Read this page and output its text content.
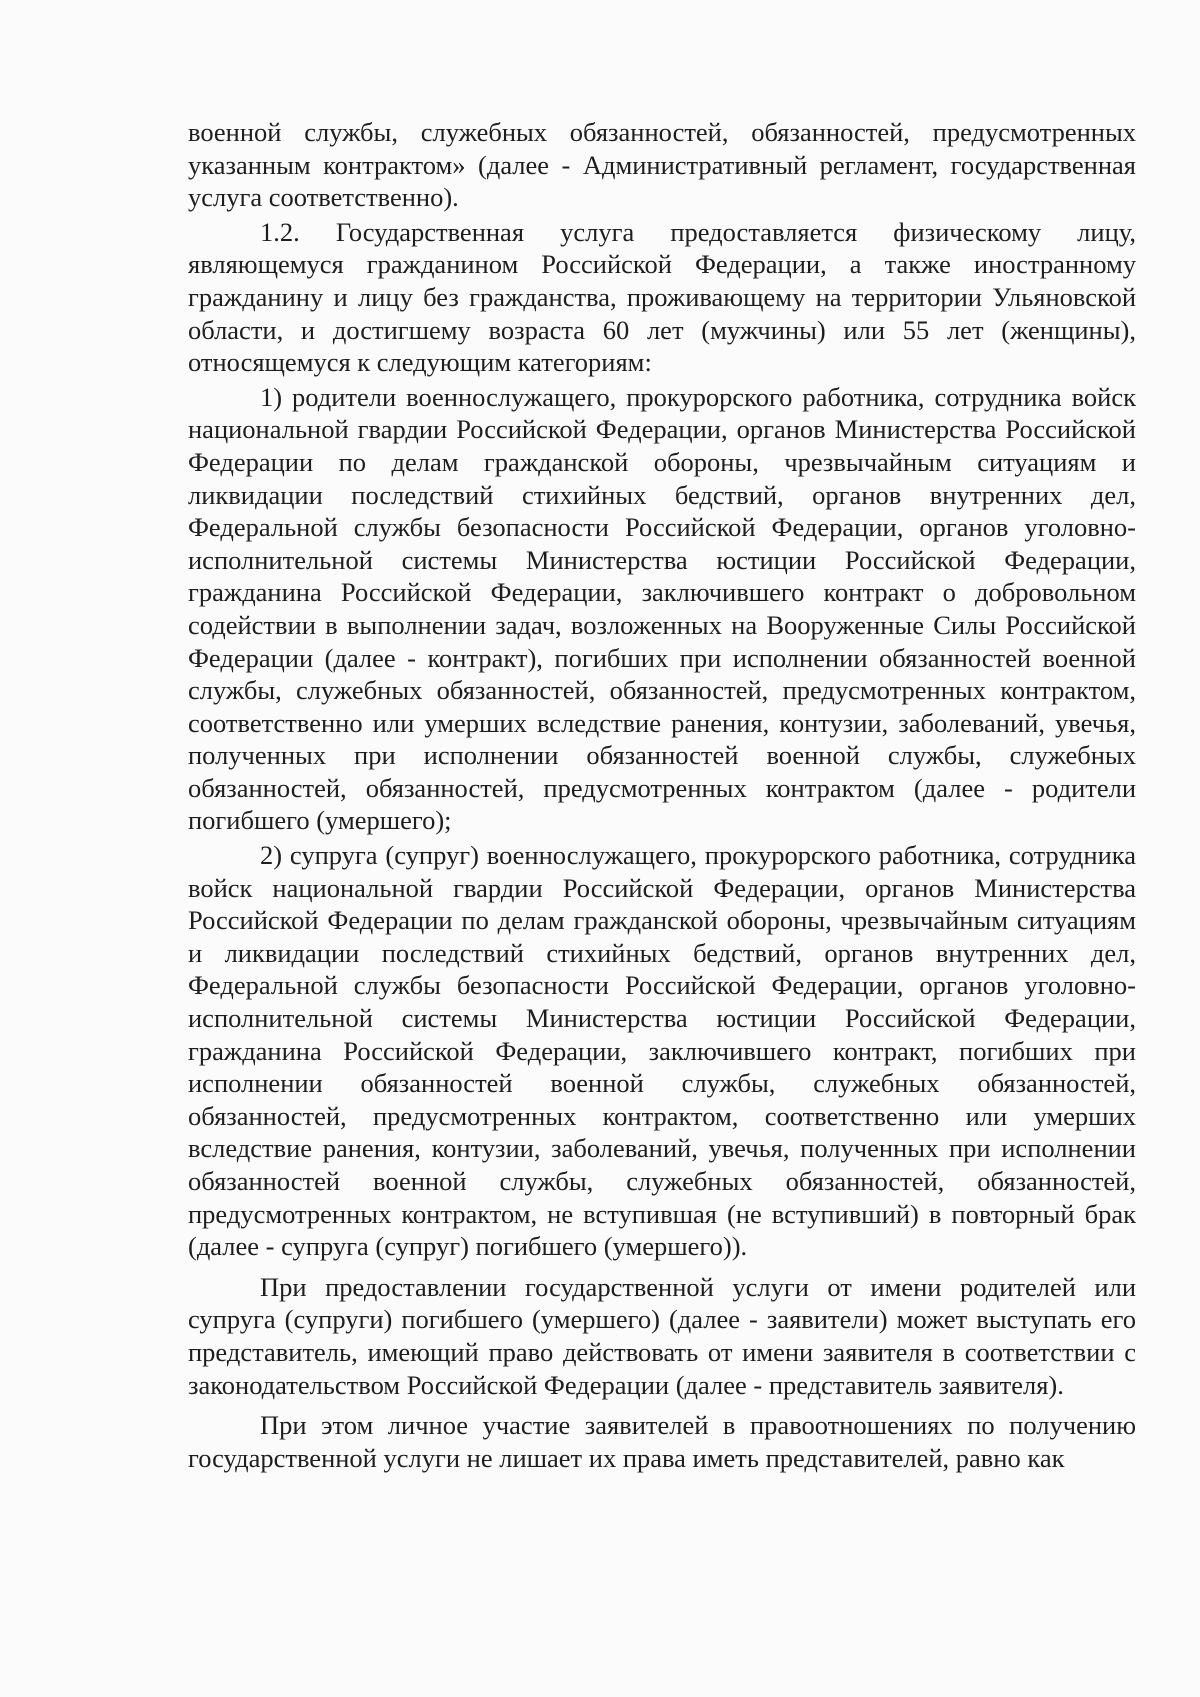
военной службы, служебных обязанностей, обязанностей, предусмотренных указанным контрактом» (далее - Административный регламент, государственная услуга соответственно).

1.2. Государственная услуга предоставляется физическому лицу, являющемуся гражданином Российской Федерации, а также иностранному гражданину и лицу без гражданства, проживающему на территории Ульяновской области, и достигшему возраста 60 лет (мужчины) или 55 лет (женщины), относящемуся к следующим категориям:

1) родители военнослужащего, прокурорского работника, сотрудника войск национальной гвардии Российской Федерации, органов Министерства Российской Федерации по делам гражданской обороны, чрезвычайным ситуациям и ликвидации последствий стихийных бедствий, органов внутренних дел, Федеральной службы безопасности Российской Федерации, органов уголовно-исполнительной системы Министерства юстиции Российской Федерации, гражданина Российской Федерации, заключившего контракт о добровольном содействии в выполнении задач, возложенных на Вооруженные Силы Российской Федерации (далее - контракт), погибших при исполнении обязанностей военной службы, служебных обязанностей, обязанностей, предусмотренных контрактом, соответственно или умерших вследствие ранения, контузии, заболеваний, увечья, полученных при исполнении обязанностей военной службы, служебных обязанностей, обязанностей, предусмотренных контрактом (далее - родители погибшего (умершего);

2) супруга (супруг) военнослужащего, прокурорского работника, сотрудника войск национальной гвардии Российской Федерации, органов Министерства Российской Федерации по делам гражданской обороны, чрезвычайным ситуациям и ликвидации последствий стихийных бедствий, органов внутренних дел, Федеральной службы безопасности Российской Федерации, органов уголовно-исполнительной системы Министерства юстиции Российской Федерации, гражданина Российской Федерации, заключившего контракт, погибших при исполнении обязанностей военной службы, служебных обязанностей, обязанностей, предусмотренных контрактом, соответственно или умерших вследствие ранения, контузии, заболеваний, увечья, полученных при исполнении обязанностей военной службы, служебных обязанностей, обязанностей, предусмотренных контрактом, не вступившая (не вступивший) в повторный брак (далее - супруга (супруг) погибшего (умершего)).

При предоставлении государственной услуги от имени родителей или супруга (супруги) погибшего (умершего) (далее - заявители) может выступать его представитель, имеющий право действовать от имени заявителя в соответствии с законодательством Российской Федерации (далее - представитель заявителя).

При этом личное участие заявителей в правоотношениях по получению государственной услуги не лишает их права иметь представителей, равно как
